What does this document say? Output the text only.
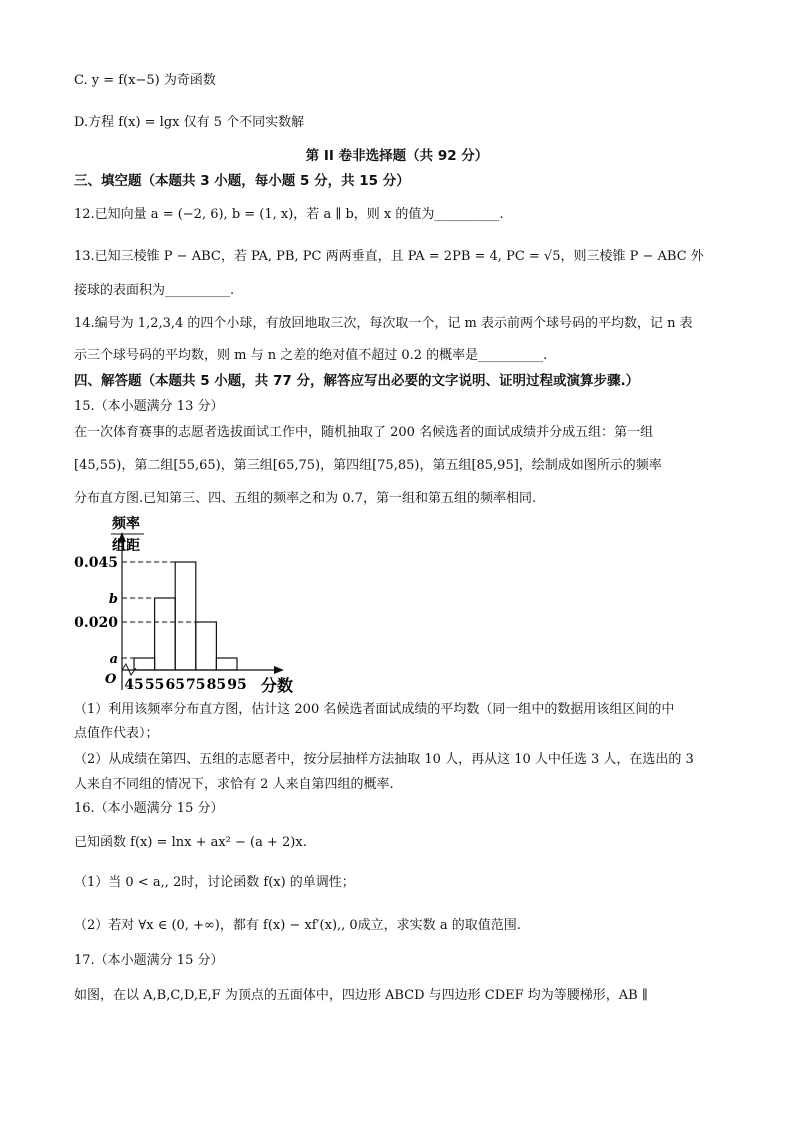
C. y = f(x−5) 为奇函数
D.方程 f(x) = lgx 仅有 5 个不同实数解
第 II 卷非选择题（共 92 分）
三、填空题（本题共 3 小题，每小题 5 分，共 15 分）
12.已知向量 a = (−2, 6), b = (1, x)，若 a ∥ b，则 x 的值为__________.
13.已知三棱锥 P − ABC，若 PA, PB, PC 两两垂直，且 PA = 2PB = 4, PC = √5，则三棱锥 P − ABC 外
接球的表面积为__________.
14.编号为 1,2,3,4 的四个小球，有放回地取三次，每次取一个，记 m 表示前两个球号码的平均数，记 n 表
示三个球号码的平均数，则 m 与 n 之差的绝对值不超过 0.2 的概率是__________.
四、解答题（本题共 5 小题，共 77 分，解答应写出必要的文字说明、证明过程或演算步骤.）
15.（本小题满分 13 分）
在一次体育赛事的志愿者选拔面试工作中，随机抽取了 200 名候选者的面试成绩并分成五组：第一组
[45,55)，第二组[55,65)，第三组[65,75)，第四组[75,85)，第五组[85,95]，绘制成如图所示的频率
分布直方图.已知第三、四、五组的频率之和为 0.7，第一组和第五组的频率相同.
频率
组距
分数
O
0.045
b
0.020
a
45 55 65 75 85 95
（1）利用该频率分布直方图，估计这 200 名候选者面试成绩的平均数（同一组中的数据用该组区间的中
点值作代表）；
（2）从成绩在第四、五组的志愿者中，按分层抽样方法抽取 10 人，再从这 10 人中任选 3 人，在选出的 3
人来自不同组的情况下，求恰有 2 人来自第四组的概率.
16.（本小题满分 15 分）
已知函数 f(x) = lnx + ax² − (a + 2)x.
（1）当 0 < a,, 2时，讨论函数 f(x) 的单调性；
（2）若对 ∀x ∈ (0, +∞)，都有 f(x) − xf′(x),, 0成立，求实数 a 的取值范围.
17.（本小题满分 15 分）
如图，在以 A,B,C,D,E,F 为顶点的五面体中，四边形 ABCD 与四边形 CDEF 均为等腰梯形，AB ∥
